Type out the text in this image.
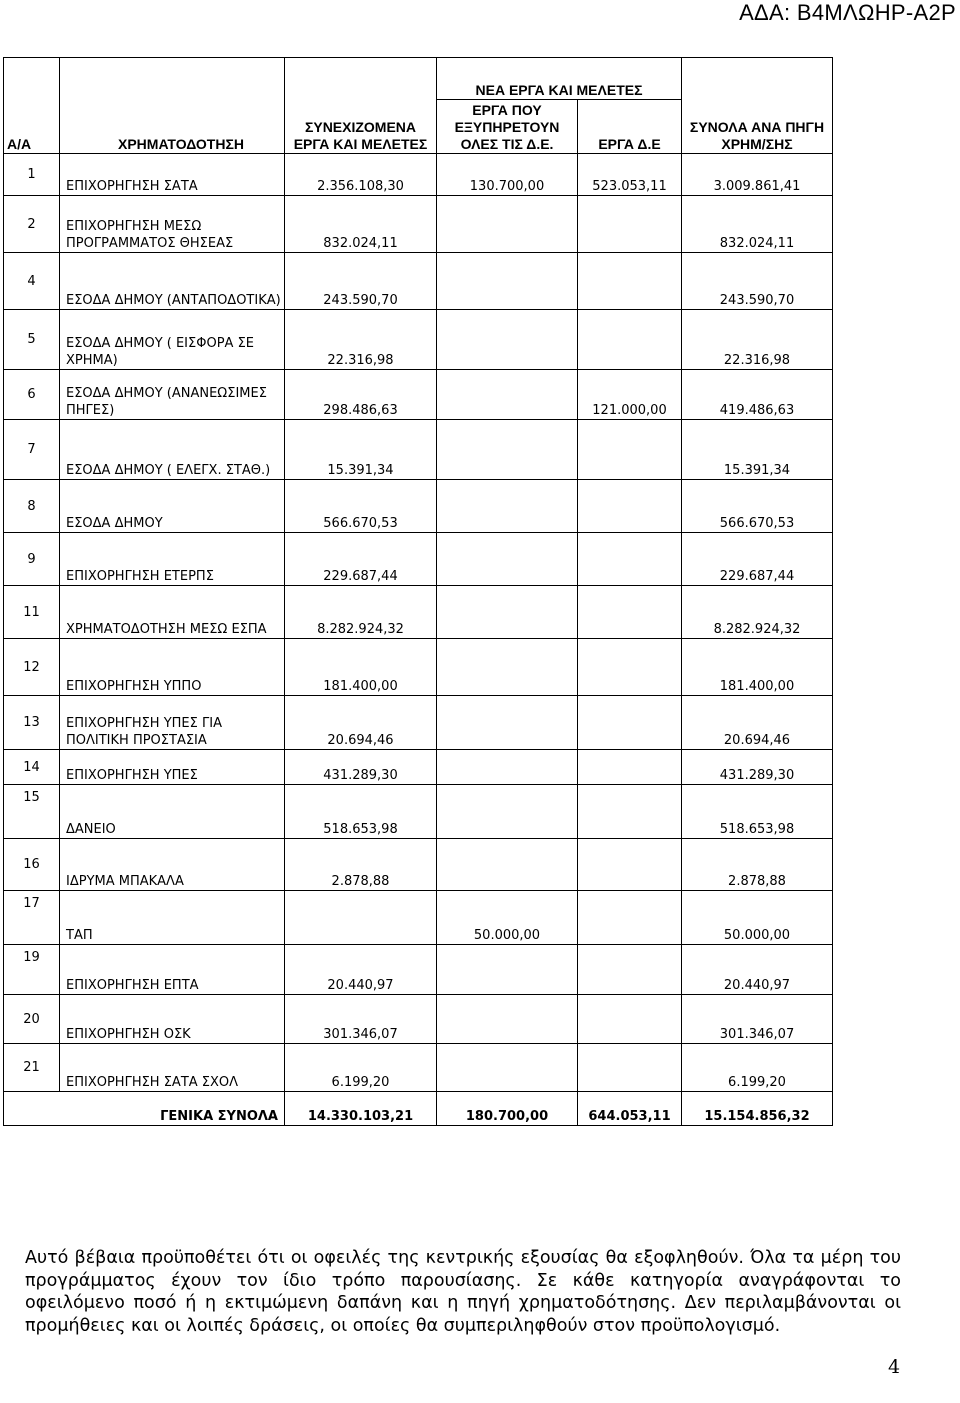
ΑΔΑ: Β4ΜΛΩΗΡ-Α2Ρ
Α/Α	ΧΡΗΜΑΤΟΔΟΤΗΣΗ	ΣΥΝΕΧΙΖΟΜΕΝΑ ΕΡΓΑ ΚΑΙ ΜΕΛΕΤΕΣ	ΝΕΑ ΕΡΓΑ ΚΑΙ ΜΕΛΕΤΕΣ		ΣΥΝΟΛΑ ΑΝΑ ΠΗΓΗ ΧΡΗΜ/ΣΗΣ
			ΕΡΓΑ ΠΟΥ ΕΞΥΠΗΡΕΤΟΥΝ ΟΛΕΣ ΤΙΣ Δ.Ε.	ΕΡΓΑ Δ.Ε	
1	ΕΠΙΧΟΡΗΓΗΣΗ ΣΑΤΑ	2.356.108,30	130.700,00	523.053,11	3.009.861,41
2	ΕΠΙΧΟΡΗΓΗΣΗ ΜΕΣΩ ΠΡΟΓΡΑΜΜΑΤΟΣ ΘΗΣΕΑΣ	832.024,11			832.024,11
4	ΕΣΟΔΑ ΔΗΜΟΥ (ΑΝΤΑΠΟΔΟΤΙΚΑ)	243.590,70			243.590,70
5	ΕΣΟΔΑ ΔΗΜΟΥ ( ΕΙΣΦΟΡΑ ΣΕ ΧΡΗΜΑ)	22.316,98			22.316,98
6	ΕΣΟΔΑ ΔΗΜΟΥ (ΑΝΑΝΕΩΣΙΜΕΣ ΠΗΓΕΣ)	298.486,63		121.000,00	419.486,63
7	ΕΣΟΔΑ ΔΗΜΟΥ ( ΕΛΕΓΧ. ΣΤΑΘ.)	15.391,34			15.391,34
8	ΕΣΟΔΑ ΔΗΜΟΥ	566.670,53			566.670,53
9	ΕΠΙΧΟΡΗΓΗΣΗ ΕΤΕΡΠΣ	229.687,44			229.687,44
11	ΧΡΗΜΑΤΟΔΟΤΗΣΗ ΜΕΣΩ ΕΣΠΑ	8.282.924,32			8.282.924,32
12	ΕΠΙΧΟΡΗΓΗΣΗ ΥΠΠΟ	181.400,00			181.400,00
13	ΕΠΙΧΟΡΗΓΗΣΗ ΥΠΕΣ ΓΙΑ ΠΟΛΙΤΙΚΗ ΠΡΟΣΤΑΣΙΑ	20.694,46			20.694,46
14	ΕΠΙΧΟΡΗΓΗΣΗ ΥΠΕΣ	431.289,30			431.289,30
15	ΔΑΝΕΙΟ	518.653,98			518.653,98
16	ΙΔΡΥΜΑ ΜΠΑΚΑΛΑ	2.878,88			2.878,88
17	ΤΑΠ		50.000,00		50.000,00
19	ΕΠΙΧΟΡΗΓΗΣΗ ΕΠΤΑ	20.440,97			20.440,97
20	ΕΠΙΧΟΡΗΓΗΣΗ ΟΣΚ	301.346,07			301.346,07
21	ΕΠΙΧΟΡΗΓΗΣΗ ΣΑΤΑ ΣΧΟΛ	6.199,20			6.199,20
ΓΕΝΙΚΑ ΣΥΝΟΛΑ		14.330.103,21	180.700,00	644.053,11	15.154.856,32
Αυτό βέβαια προϋποθέτει ότι οι οφειλές της κεντρικής εξουσίας θα εξοφληθούν. Όλα τα μέρη του προγράμματος έχουν τον ίδιο τρόπο παρουσίασης. Σε κάθε κατηγορία αναγράφονται το οφειλόμενο ποσό ή η εκτιμώμενη δαπάνη και η πηγή χρηματοδότησης. Δεν περιλαμβάνονται οι προμήθειες και οι λοιπές δράσεις, οι οποίες θα συμπεριληφθούν στον προϋπολογισμό.
4
